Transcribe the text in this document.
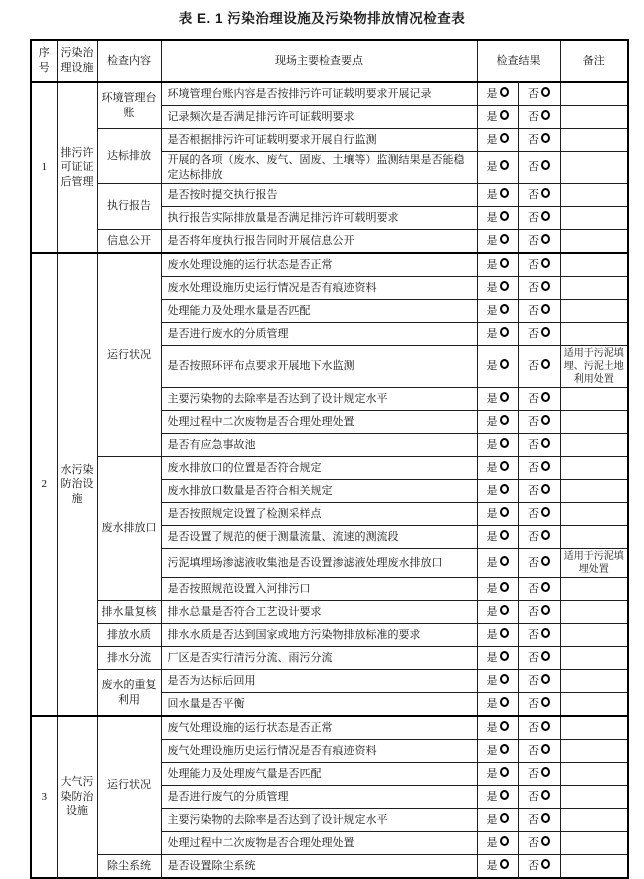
表 E. 1 污染治理设施及污染物排放情况检查表
序号	污染治理设施	检查内容	现场主要检查要点	检查结果		备注
1	排污许可证证后管理	环境管理台账	环境管理台账内容是否按排污许可证载明要求开展记录	是	否	
			记录频次是否满足排污许可证载明要求	是	否	
		达标排放	是否根据排污许可证载明要求开展自行监测	是	否	
			开展的各项（废水、废气、固废、土壤等）监测结果是否能稳定达标排放	是	否	
		执行报告	是否按时提交执行报告	是	否	
			执行报告实际排放量是否满足排污许可载明要求	是	否	
		信息公开	是否将年度执行报告同时开展信息公开	是	否	
2	水污染防治设施	运行状况	废水处理设施的运行状态是否正常	是	否	
			废水处理设施历史运行情况是否有痕迹资料	是	否	
			处理能力及处理水量是否匹配	是	否	
			是否进行废水的分质管理	是	否	
			是否按照环评布点要求开展地下水监测	是	否	适用于污泥填埋、污泥土地利用处置
			主要污染物的去除率是否达到了设计规定水平	是	否	
			处理过程中二次废物是否合理处理处置	是	否	
			是否有应急事故池	是	否	
		废水排放口	废水排放口的位置是否符合规定	是	否	
			废水排放口数量是否符合相关规定	是	否	
			是否按照规定设置了检测采样点	是	否	
			是否设置了规范的便于测量流量、流速的测流段	是	否	
			污泥填埋场渗滤液收集池是否设置渗滤液处理废水排放口	是	否	适用于污泥填埋处置
			是否按照规范设置入河排污口	是	否	
		排水量复核	排水总量是否符合工艺设计要求	是	否	
		排放水质	排水水质是否达到国家或地方污染物排放标准的要求	是	否	
		排水分流	厂区是否实行清污分流、雨污分流	是	否	
		废水的重复利用	是否为达标后回用	是	否	
			回水量是否平衡	是	否	
3	大气污染防治设施	运行状况	废气处理设施的运行状态是否正常	是	否	
			废气处理设施历史运行情况是否有痕迹资料	是	否	
			处理能力及处理废气量是否匹配	是	否	
			是否进行废气的分质管理	是	否	
			主要污染物的去除率是否达到了设计规定水平	是	否	
			处理过程中二次废物是否合理处理处置	是	否	
		除尘系统	是否设置除尘系统	是	否	
